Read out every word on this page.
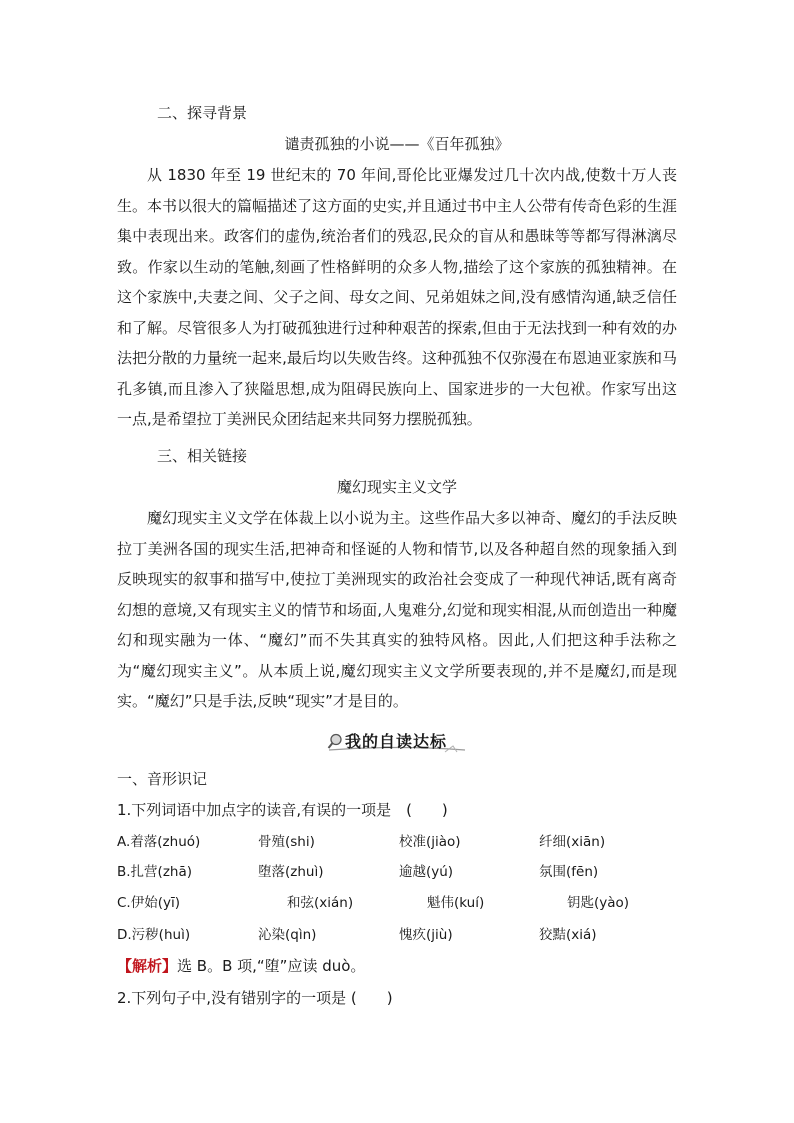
二、探寻背景
谴责孤独的小说——《百年孤独》

从 1830 年至 19 世纪末的 70 年间,哥伦比亚爆发过几十次内战,使数十万人丧生。本书以很大的篇幅描述了这方面的史实,并且通过书中主人公带有传奇色彩的生涯集中表现出来。政客们的虚伪,统治者们的残忍,民众的盲从和愚昧等等都写得淋漓尽致。作家以生动的笔触,刻画了性格鲜明的众多人物,描绘了这个家族的孤独精神。在这个家族中,夫妻之间、父子之间、母女之间、兄弟姐妹之间,没有感情沟通,缺乏信任和了解。尽管很多人为打破孤独进行过种种艰苦的探索,但由于无法找到一种有效的办法把分散的力量统一起来,最后均以失败告终。这种孤独不仅弥漫在布恩迪亚家族和马孔多镇,而且渗入了狭隘思想,成为阻碍民族向上、国家进步的一大包袱。作家写出这一点,是希望拉丁美洲民众团结起来共同努力摆脱孤独。

三、相关链接
魔幻现实主义文学

魔幻现实主义文学在体裁上以小说为主。这些作品大多以神奇、魔幻的手法反映拉丁美洲各国的现实生活,把神奇和怪诞的人物和情节,以及各种超自然的现象插入到反映现实的叙事和描写中,使拉丁美洲现实的政治社会变成了一种现代神话,既有离奇幻想的意境,又有现实主义的情节和场面,人鬼难分,幻觉和现实相混,从而创造出一种魔幻和现实融为一体、“魔幻”而不失其真实的独特风格。因此,人们把这种手法称之为“魔幻现实主义”。从本质上说,魔幻现实主义文学所要表现的,并不是魔幻,而是现实。“魔幻”只是手法,反映“现实”才是目的。

我的自读达标
一、音形识记
1.下列词语中加点字的读音,有误的一项是　(　　)
A.着落(zhuó)	骨殖(shi)	校准(jiào)	纤细(xiān)
B.扎营(zhā)	堕落(zhuì)	逾越(yú)	氛围(fēn)
C.伊始(yī)	和弦(xián)	魁伟(kuí)	钥匙(yào)
D.污秽(huì)	沁染(qìn)	愧疚(jiù)	狡黠(xiá)
【解析】选 B。B 项,“堕”应读 duò。
2.下列句子中,没有错别字的一项是 (　　)
